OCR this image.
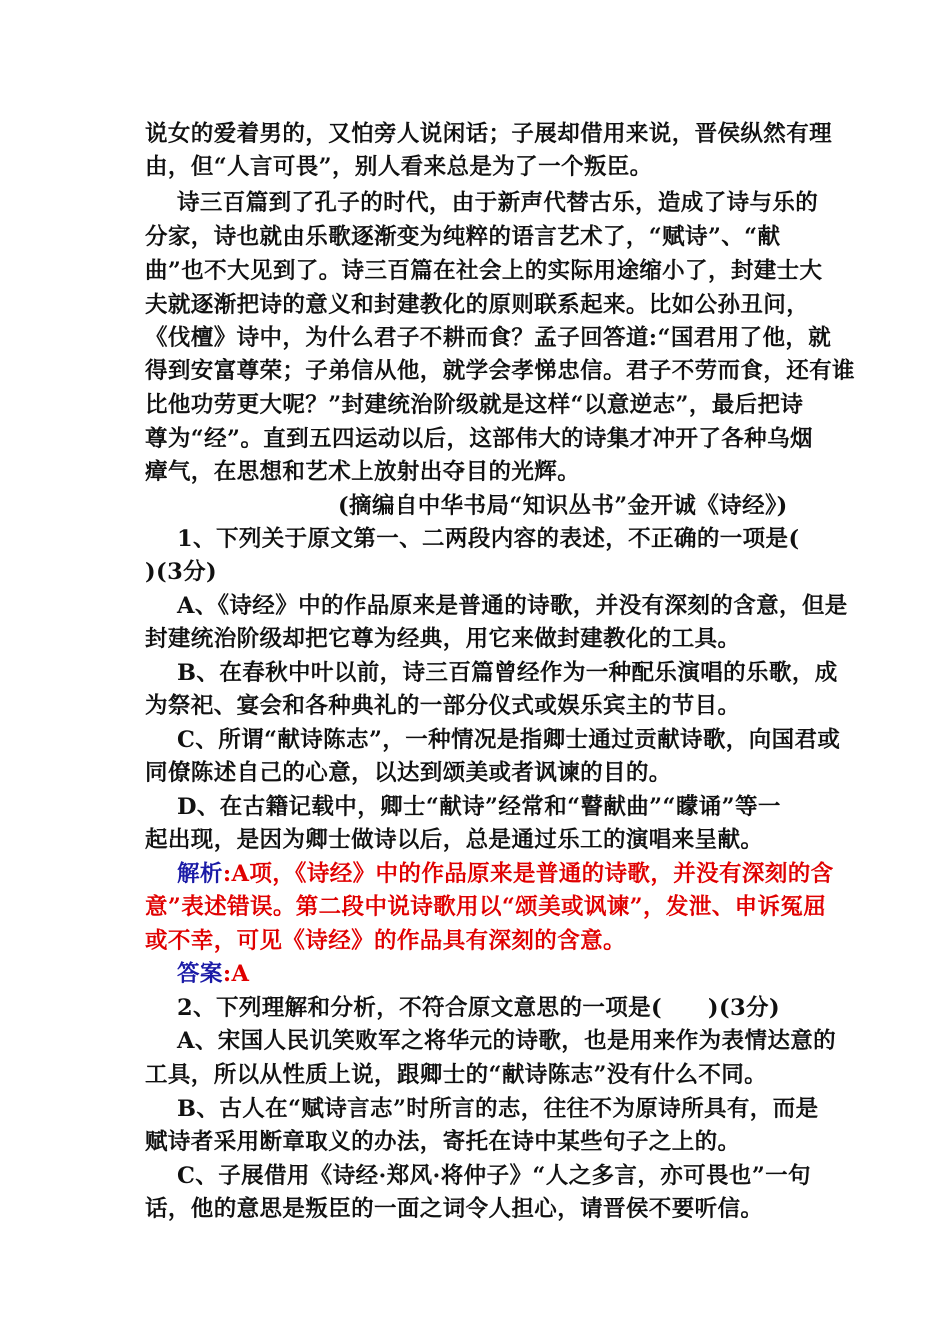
说女的爱着男的，又怕旁人说闲话；子展却借用来说，晋侯纵然有理
由，但“人言可畏”，别人看来总是为了一个叛臣。
诗三百篇到了孔子的时代，由于新声代替古乐，造成了诗与乐的
分家，诗也就由乐歌逐渐变为纯粹的语言艺术了，“赋诗”、“献
曲”也不大见到了。诗三百篇在社会上的实际用途缩小了，封建士大
夫就逐渐把诗的意义和封建教化的原则联系起来。比如公孙丑问，
《伐檀》诗中，为什么君子不耕而食？孟子回答道:“国君用了他，就
得到安富尊荣；子弟信从他，就学会孝悌忠信。君子不劳而食，还有谁
比他功劳更大呢？”封建统治阶级就是这样“以意逆志”，最后把诗
尊为“经”。直到五四运动以后，这部伟大的诗集才冲开了各种乌烟
瘴气，在思想和艺术上放射出夺目的光辉。
(摘编自中华书局“知识丛书”金开诚《诗经》)
1、下列关于原文第一、二两段内容的表述，不正确的一项是(
)(3分)
A、《诗经》中的作品原来是普通的诗歌，并没有深刻的含意，但是
封建统治阶级却把它尊为经典，用它来做封建教化的工具。
B、在春秋中叶以前，诗三百篇曾经作为一种配乐演唱的乐歌，成
为祭祀、宴会和各种典礼的一部分仪式或娱乐宾主的节目。
C、所谓“献诗陈志”，一种情况是指卿士通过贡献诗歌，向国君或
同僚陈述自己的心意，以达到颂美或者讽谏的目的。
D、在古籍记载中，卿士“献诗”经常和“瞽献曲”“矇诵”等一
起出现，是因为卿士做诗以后，总是通过乐工的演唱来呈献。
解析:A项，《诗经》中的作品原来是普通的诗歌，并没有深刻的含
意”表述错误。第二段中说诗歌用以“颂美或讽谏”，发泄、申诉冤屈
或不幸，可见《诗经》的作品具有深刻的含意。
答案:A
2、下列理解和分析，不符合原文意思的一项是(　　)(3分)
A、宋国人民讥笑败军之将华元的诗歌，也是用来作为表情达意的
工具，所以从性质上说，跟卿士的“献诗陈志”没有什么不同。
B、古人在“赋诗言志”时所言的志，往往不为原诗所具有，而是
赋诗者采用断章取义的办法，寄托在诗中某些句子之上的。
C、子展借用《诗经·郑风·将仲子》“人之多言，亦可畏也”一句
话，他的意思是叛臣的一面之词令人担心，请晋侯不要听信。
